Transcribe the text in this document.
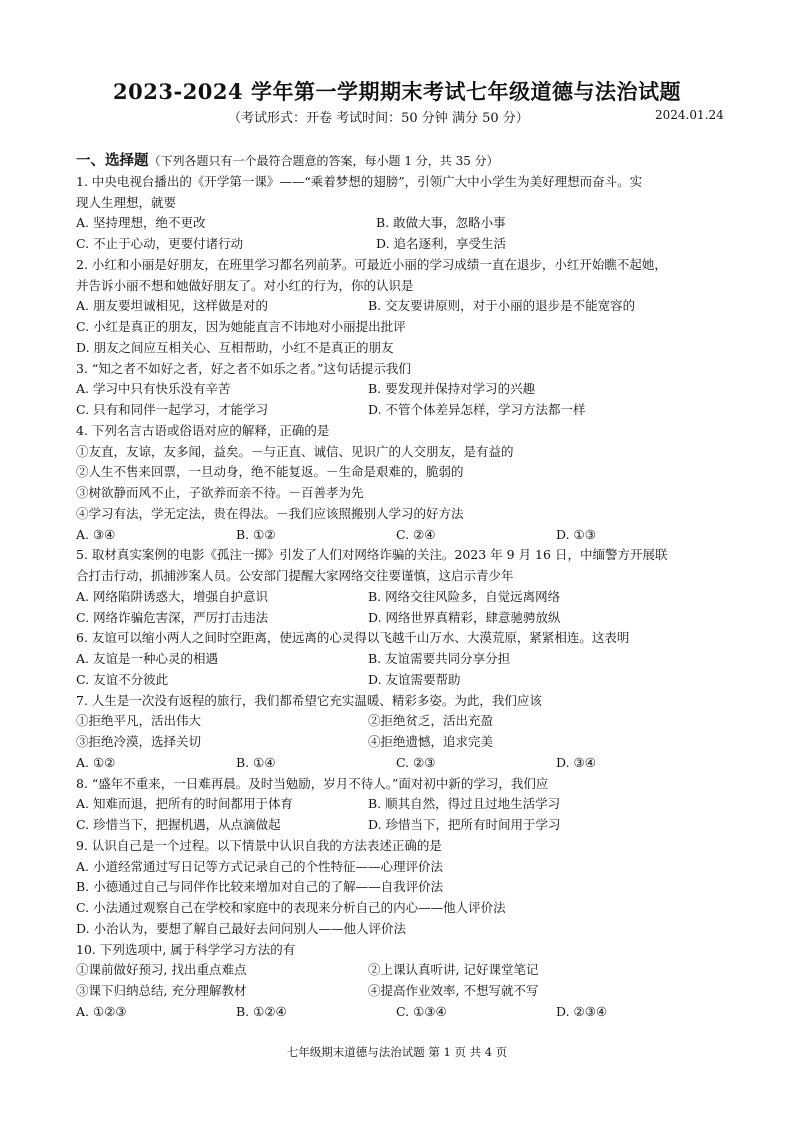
2023-2024 学年第一学期期末考试七年级道德与法治试题
（考试形式：开卷 考试时间：50 分钟 满分 50 分）	2024.01.24
一、选择题（下列各题只有一个最符合题意的答案，每小题 1 分，共 35 分）
1. 中央电视台播出的《开学第一课》——“乘着梦想的翅膀”，引领广大中小学生为美好理想而奋斗。实
现人生理想，就要
A. 坚持理想，绝不更改	B. 敢做大事，忽略小事
C. 不止于心动，更要付诸行动	D. 追名逐利，享受生活
2. 小红和小丽是好朋友，在班里学习都名列前茅。可最近小丽的学习成绩一直在退步，小红开始瞧不起她，
并告诉小丽不想和她做好朋友了。对小红的行为，你的认识是
A. 朋友要坦诚相见，这样做是对的	B. 交友要讲原则，对于小丽的退步是不能宽容的
C. 小红是真正的朋友，因为她能直言不讳地对小丽提出批评
D. 朋友之间应互相关心、互相帮助，小红不是真正的朋友
3. “知之者不如好之者，好之者不如乐之者。”这句话提示我们
A. 学习中只有快乐没有辛苦	B. 要发现并保持对学习的兴趣
C. 只有和同伴一起学习，才能学习	D. 不管个体差异怎样，学习方法都一样
4. 下列名言古语或俗语对应的解释，正确的是
①友直，友谅，友多闻，益矣。－与正直、诚信、见识广的人交朋友，是有益的
②人生不售来回票，一旦动身，绝不能复返。－生命是艰难的，脆弱的
③树欲静而风不止，子欲养而亲不待。－百善孝为先
④学习有法，学无定法，贵在得法。－我们应该照搬别人学习的好方法
A. ③④	B. ①②	C. ②④	D. ①③
5. 取材真实案例的电影《孤注一掷》引发了人们对网络诈骗的关注。2023 年 9 月 16 日，中缅警方开展联
合打击行动，抓捕涉案人员。公安部门提醒大家网络交往要谨慎，这启示青少年
A. 网络陷阱诱惑大，增强自护意识	B. 网络交往风险多，自觉远离网络
C. 网络诈骗危害深，严厉打击违法	D. 网络世界真精彩，肆意驰骋放纵
6. 友谊可以缩小两人之间时空距离，使远离的心灵得以飞越千山万水、大漠荒原，紧紧相连。这表明
A. 友谊是一种心灵的相遇	B. 友谊需要共同分享分担
C. 友谊不分彼此	D. 友谊需要帮助
7. 人生是一次没有返程的旅行，我们都希望它充实温暖、精彩多姿。为此，我们应该
①拒绝平凡，活出伟大	②拒绝贫乏，活出充盈
③拒绝冷漠，选择关切	④拒绝遗憾，追求完美
A. ①②	B. ①④	C. ②③	D. ③④
8. “盛年不重来，一日难再晨。及时当勉励，岁月不待人。”面对初中新的学习，我们应
A. 知难而退，把所有的时间都用于体育	B. 顺其自然，得过且过地生活学习
C. 珍惜当下，把握机遇，从点滴做起	D. 珍惜当下，把所有时间用于学习
9. 认识自己是一个过程。以下情景中认识自我的方法表述正确的是
A. 小道经常通过写日记等方式记录自己的个性特征——心理评价法
B. 小德通过自己与同伴作比较来增加对自己的了解——自我评价法
C. 小法通过观察自己在学校和家庭中的表现来分析自己的内心——他人评价法
D. 小治认为，要想了解自己最好去问问别人——他人评价法
10. 下列选项中, 属于科学学习方法的有
①课前做好预习, 找出重点难点	②上课认真听讲, 记好课堂笔记
③课下归纳总结, 充分理解教材	④提高作业效率, 不想写就不写
A. ①②③	B. ①②④	C. ①③④	D. ②③④
七年级期末道德与法治试题 第 1 页 共 4 页
